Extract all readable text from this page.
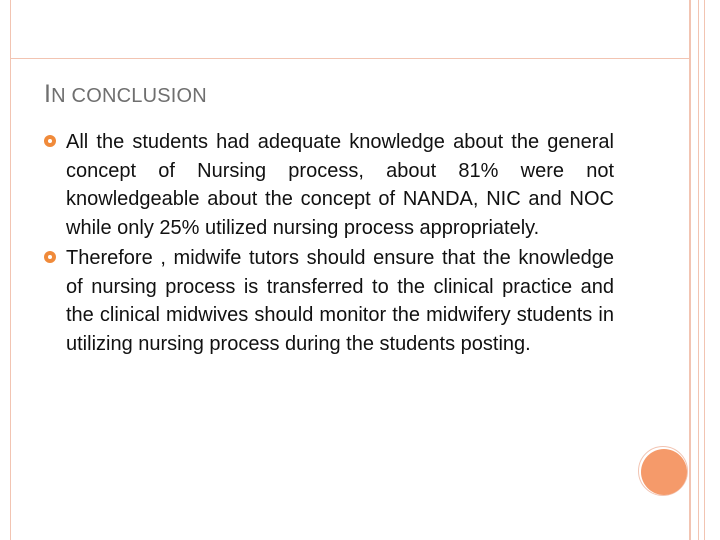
IN CONCLUSION
All the students had adequate knowledge about the general concept of Nursing process, about 81% were not knowledgeable about the concept of NANDA, NIC and NOC while only 25% utilized nursing process appropriately.
Therefore , midwife tutors should ensure that the knowledge of nursing process is transferred to the clinical practice and the clinical midwives should monitor the midwifery students in utilizing nursing process during the students posting.
